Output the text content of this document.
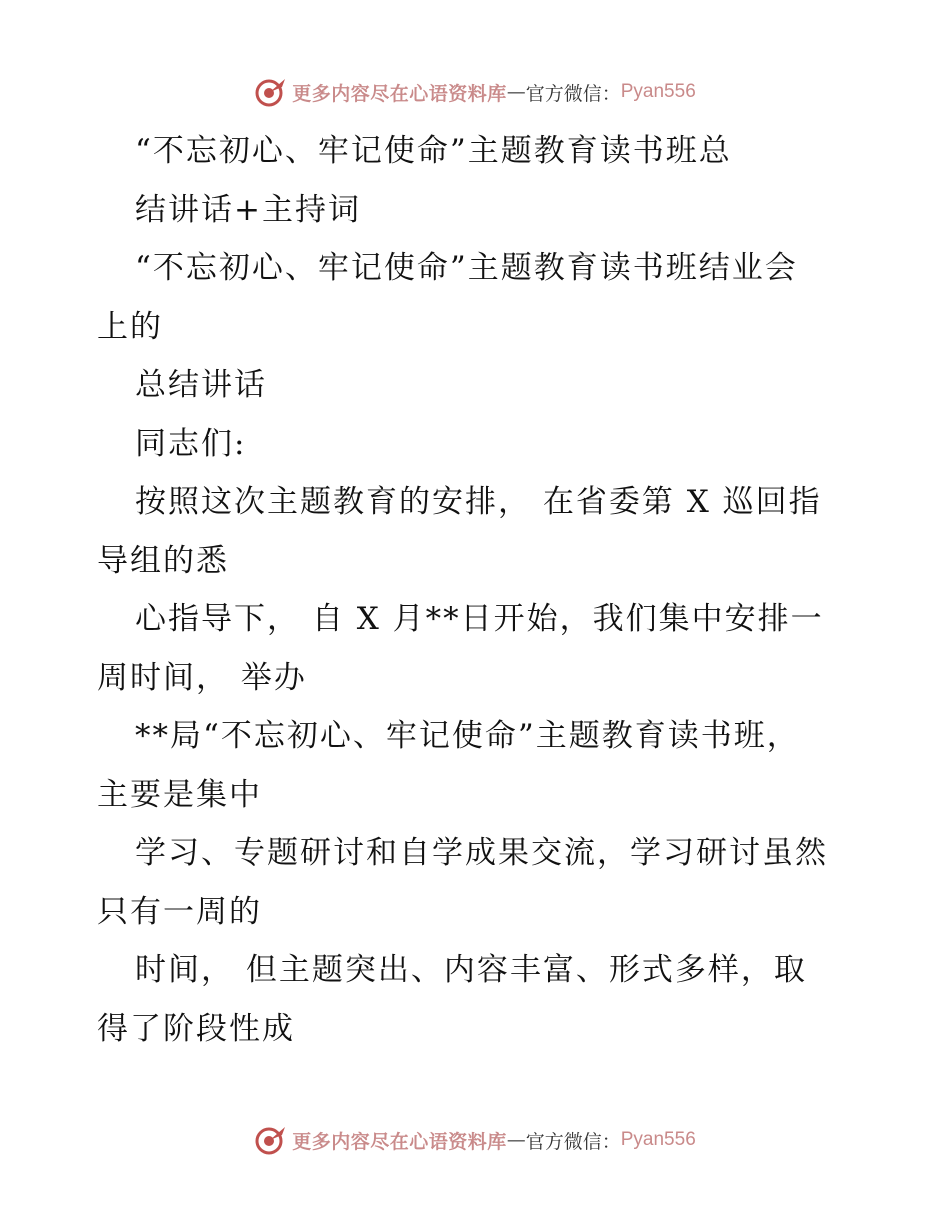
更多内容尽在心语资料库 — 官方微信： Pyan556

“不忘初心、牢记使命”主题教育读书班总

结讲话+主持词

“不忘初心、牢记使命”主题教育读书班结业会

上的

总结讲话

同志们:

按照这次主题教育的安排， 在省委第 X 巡回指

导组的悉

心指导下， 自 X 月**日开始，我们集中安排一

周时间， 举办

**局“不忘初心、牢记使命”主题教育读书班，

主要是集中

学习、专题研讨和自学成果交流，学习研讨虽然

只有一周的

时间， 但主题突出、内容丰富、形式多样，取

得了阶段性成

更多内容尽在心语资料库 — 官方微信： Pyan556
